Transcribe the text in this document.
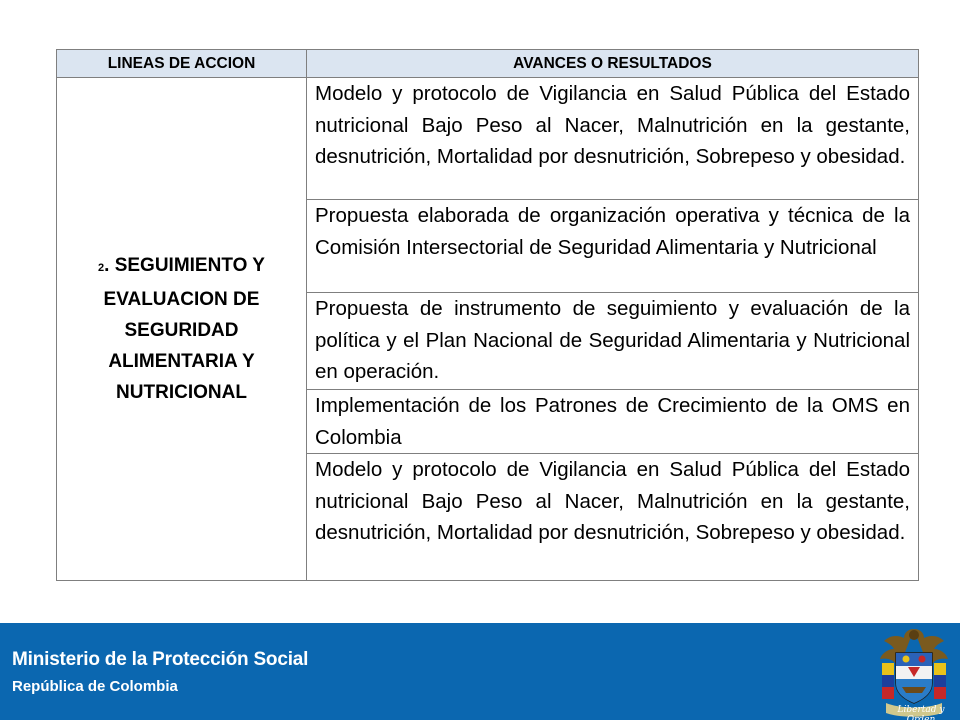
LINEAS DE ACCION	AVANCES O RESULTADOS
2. SEGUIMIENTO Y EVALUACION DE SEGURIDAD ALIMENTARIA Y NUTRICIONAL	Modelo y protocolo de Vigilancia en Salud Pública del Estado nutricional Bajo Peso al Nacer, Malnutrición en la gestante, desnutrición, Mortalidad por desnutrición, Sobrepeso y obesidad.
	Propuesta elaborada de organización operativa y técnica de la Comisión Intersectorial de Seguridad Alimentaria y Nutricional
	Propuesta de instrumento de seguimiento y evaluación de la política y el Plan Nacional de Seguridad Alimentaria y Nutricional en operación.
	Implementación de los Patrones de Crecimiento de la OMS en Colombia
	Modelo y protocolo de Vigilancia en Salud Pública del Estado nutricional Bajo Peso al Nacer, Malnutrición en la gestante, desnutrición, Mortalidad por desnutrición, Sobrepeso y obesidad.
Ministerio de la Protección Social
República de Colombia
Libertad y Orden
